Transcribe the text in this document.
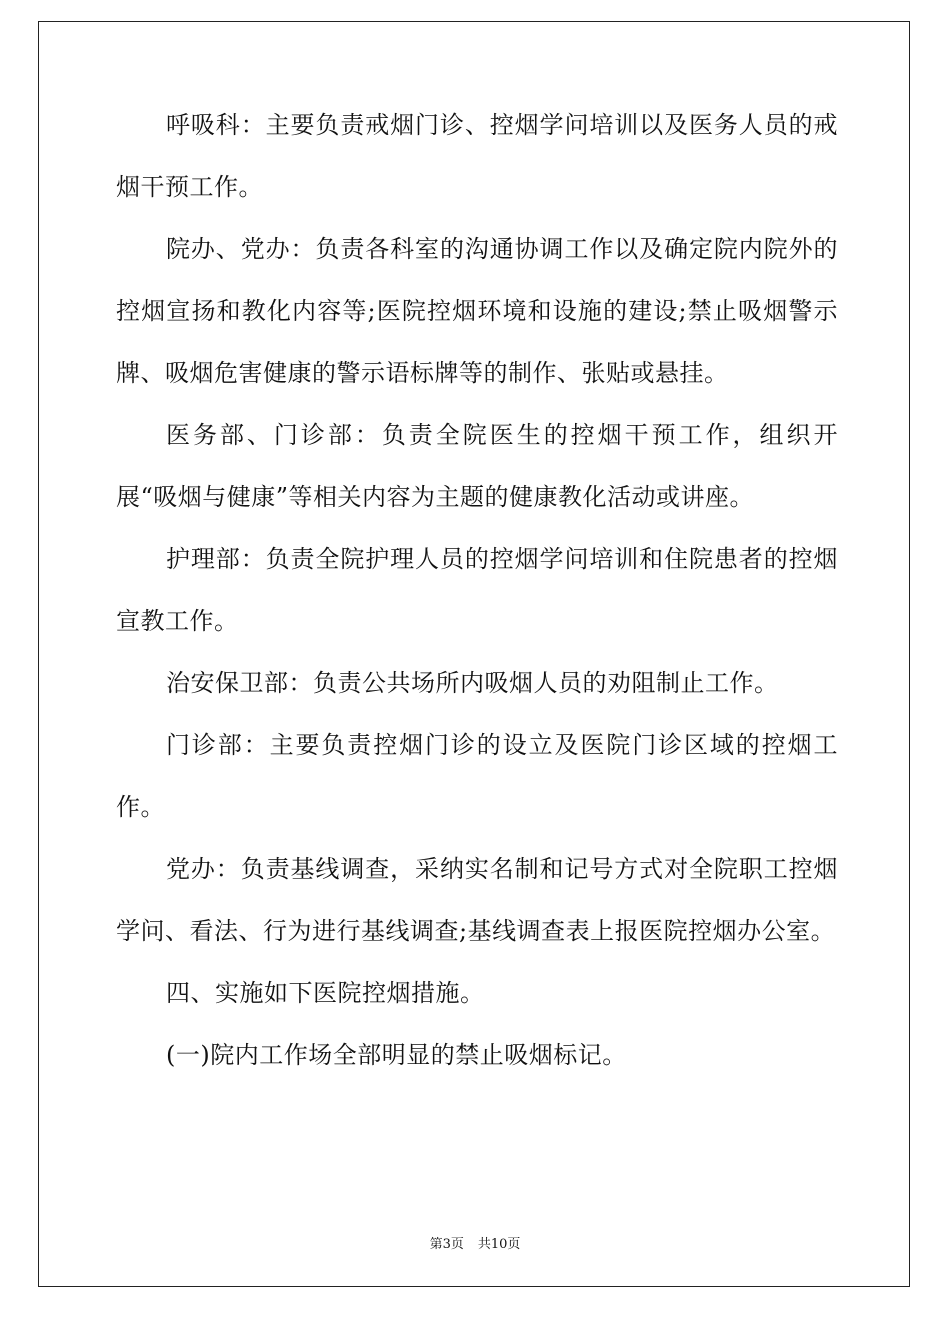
呼吸科：主要负责戒烟门诊、控烟学问培训以及医务人员的戒烟干预工作。

院办、党办：负责各科室的沟通协调工作以及确定院内院外的控烟宣扬和教化内容等;医院控烟环境和设施的建设;禁止吸烟警示牌、吸烟危害健康的警示语标牌等的制作、张贴或悬挂。

医务部、门诊部：负责全院医生的控烟干预工作，组织开展“吸烟与健康”等相关内容为主题的健康教化活动或讲座。

护理部：负责全院护理人员的控烟学问培训和住院患者的控烟宣教工作。

治安保卫部：负责公共场所内吸烟人员的劝阻制止工作。

门诊部：主要负责控烟门诊的设立及医院门诊区域的控烟工作。

党办：负责基线调查，采纳实名制和记号方式对全院职工控烟学问、看法、行为进行基线调查;基线调查表上报医院控烟办公室。

四、实施如下医院控烟措施。

(一)院内工作场全部明显的禁止吸烟标记。

第3页 共10页
